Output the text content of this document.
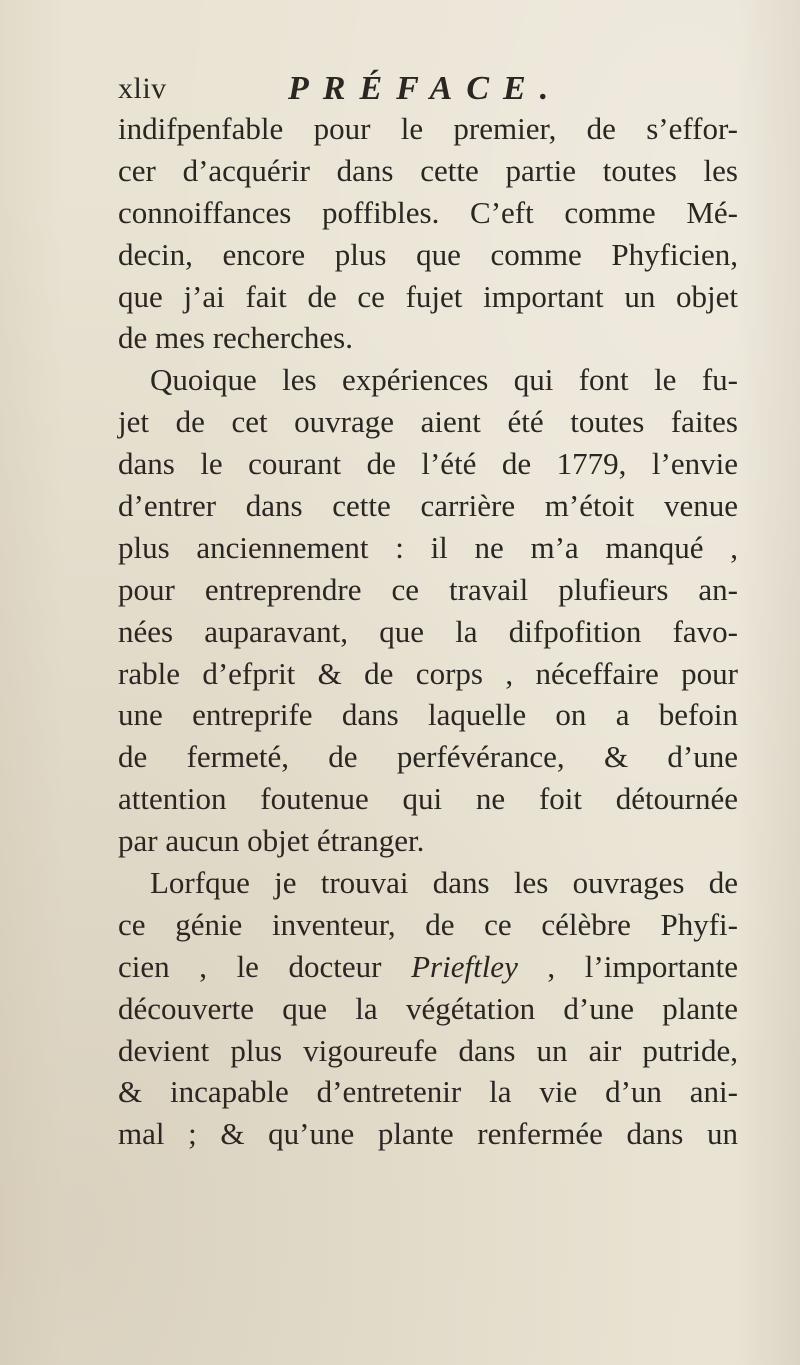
xliv	PRÉFACE.
indifpenfable pour le premier, de s’effor-
cer d’acquérir dans cette partie toutes les
connoiffances poffibles. C’eft comme Mé-
decin, encore plus que comme Phyficien,
que j’ai fait de ce fujet important un objet
de mes recherches.
Quoique les expériences qui font le fu-
jet de cet ouvrage aient été toutes faites
dans le courant de l’été de 1779, l’envie
d’entrer dans cette carrière m’étoit venue
plus anciennement : il ne m’a manqué ,
pour entreprendre ce travail plufieurs an-
nées auparavant, que la difpofition favo-
rable d’efprit & de corps , néceffaire pour
une entreprife dans laquelle on a befoin
de fermeté, de perfévérance, & d’une
attention foutenue qui ne foit détournée
par aucun objet étranger.
Lorfque je trouvai dans les ouvrages de
ce génie inventeur, de ce célèbre Phyfi-
cien , le docteur Prieftley , l’importante
découverte que la végétation d’une plante
devient plus vigoureufe dans un air putride,
& incapable d’entretenir la vie d’un ani-
mal ; & qu’une plante renfermée dans un
